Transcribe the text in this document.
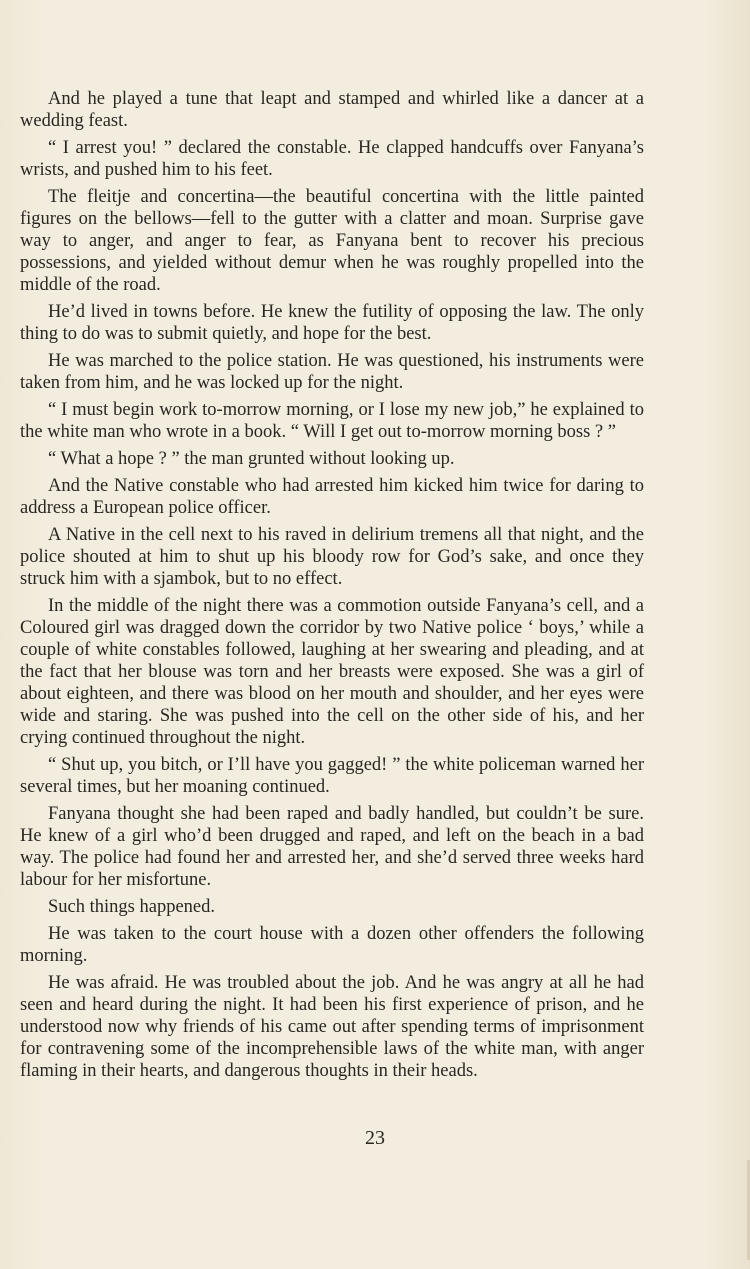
And he played a tune that leapt and stamped and whirled like a dancer at a wedding feast.

“ I arrest you! ” declared the constable. He clapped handcuffs over Fanyana’s wrists, and pushed him to his feet.

The fleitje and concertina—the beautiful concertina with the little painted figures on the bellows—fell to the gutter with a clatter and moan. Surprise gave way to anger, and anger to fear, as Fanyana bent to recover his precious possessions, and yielded without demur when he was roughly propelled into the middle of the road.

He’d lived in towns before. He knew the futility of opposing the law. The only thing to do was to submit quietly, and hope for the best.

He was marched to the police station. He was questioned, his instruments were taken from him, and he was locked up for the night.

“ I must begin work to-morrow morning, or I lose my new job,” he explained to the white man who wrote in a book. “ Will I get out to-morrow morning boss ? ”

“ What a hope ? ” the man grunted without looking up.

And the Native constable who had arrested him kicked him twice for daring to address a European police officer.

A Native in the cell next to his raved in delirium tremens all that night, and the police shouted at him to shut up his bloody row for God’s sake, and once they struck him with a sjambok, but to no effect.

In the middle of the night there was a commotion outside Fanyana’s cell, and a Coloured girl was dragged down the corridor by two Native police ‘ boys,’ while a couple of white constables followed, laughing at her swearing and pleading, and at the fact that her blouse was torn and her breasts were exposed. She was a girl of about eighteen, and there was blood on her mouth and shoulder, and her eyes were wide and staring. She was pushed into the cell on the other side of his, and her crying continued throughout the night.

“ Shut up, you bitch, or I’ll have you gagged! ” the white policeman warned her several times, but her moaning continued.

Fanyana thought she had been raped and badly handled, but couldn’t be sure. He knew of a girl who’d been drugged and raped, and left on the beach in a bad way. The police had found her and arrested her, and she’d served three weeks hard labour for her misfortune.

Such things happened.

He was taken to the court house with a dozen other offenders the following morning.

He was afraid. He was troubled about the job. And he was angry at all he had seen and heard during the night. It had been his first experience of prison, and he understood now why friends of his came out after spending terms of imprisonment for contravening some of the incomprehensible laws of the white man, with anger flaming in their hearts, and dangerous thoughts in their heads.

23
